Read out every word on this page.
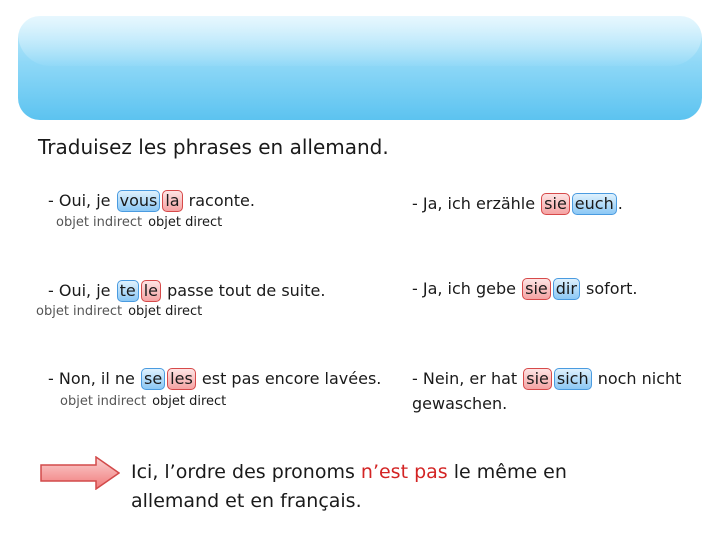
Traduisez les phrases en allemand.
- Oui, je vous la raconte.
objet indirect objet direct
- Ja, ich erzähle sie euch .
- Oui, je te le passe tout de suite.
objet indirect objet direct
- Ja, ich gebe sie dir sofort.
- Non, il ne se les est pas encore lavées.
objet indirect objet direct
- Nein, er hat sie sich noch nicht
gewaschen.
Ici, l’ordre des pronoms n’est pas le même en allemand et en français.
